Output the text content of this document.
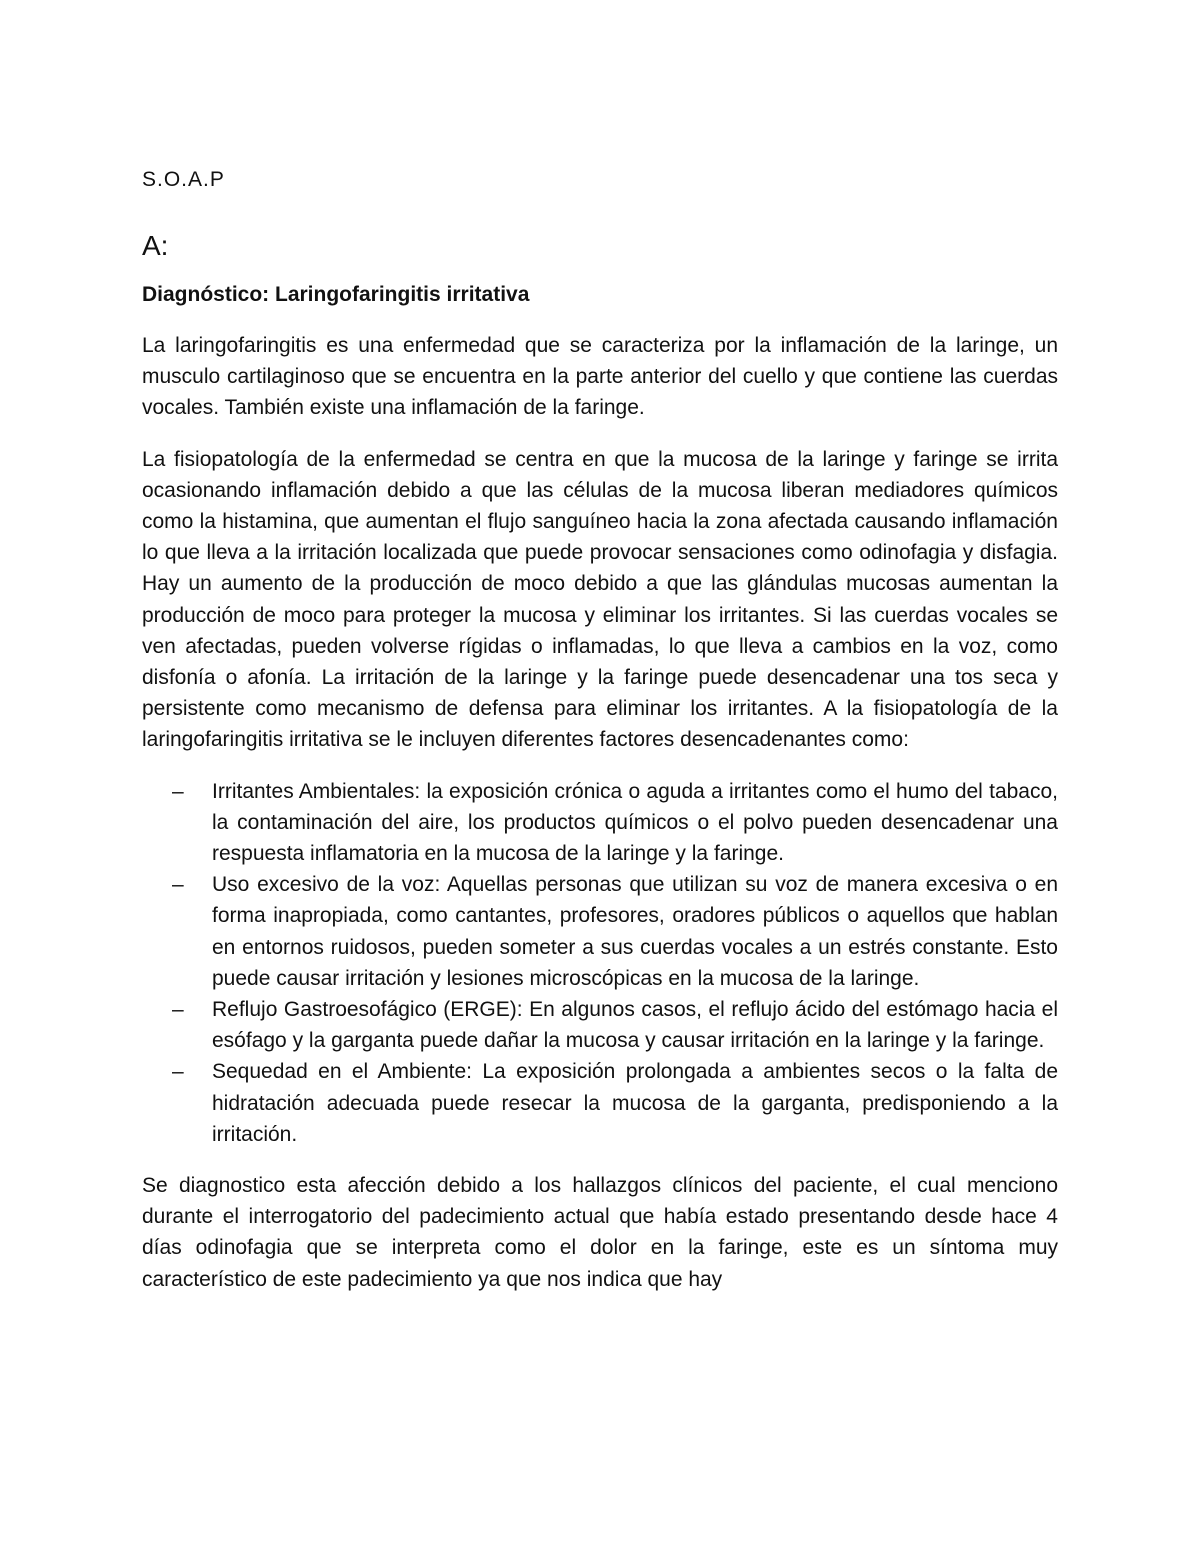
S.O.A.P
A:
Diagnóstico: Laringofaringitis irritativa

La laringofaringitis es una enfermedad que se caracteriza por la inflamación de la laringe, un musculo cartilaginoso que se encuentra en la parte anterior del cuello y que contiene las cuerdas vocales. También existe una inflamación de la faringe.

La fisiopatología de la enfermedad se centra en que la mucosa de la laringe y faringe se irrita ocasionando inflamación debido a que las células de la mucosa liberan mediadores químicos como la histamina, que aumentan el flujo sanguíneo hacia la zona afectada causando inflamación lo que lleva a la irritación localizada que puede provocar sensaciones como odinofagia y disfagia. Hay un aumento de la producción de moco debido a que las glándulas mucosas aumentan la producción de moco para proteger la mucosa y eliminar los irritantes. Si las cuerdas vocales se ven afectadas, pueden volverse rígidas o inflamadas, lo que lleva a cambios en la voz, como disfonía o afonía. La irritación de la laringe y la faringe puede desencadenar una tos seca y persistente como mecanismo de defensa para eliminar los irritantes. A la fisiopatología de la laringofaringitis irritativa se le incluyen diferentes factores desencadenantes como:

– Irritantes Ambientales: la exposición crónica o aguda a irritantes como el humo del tabaco, la contaminación del aire, los productos químicos o el polvo pueden desencadenar una respuesta inflamatoria en la mucosa de la laringe y la faringe.
– Uso excesivo de la voz: Aquellas personas que utilizan su voz de manera excesiva o en forma inapropiada, como cantantes, profesores, oradores públicos o aquellos que hablan en entornos ruidosos, pueden someter a sus cuerdas vocales a un estrés constante. Esto puede causar irritación y lesiones microscópicas en la mucosa de la laringe.
– Reflujo Gastroesofágico (ERGE): En algunos casos, el reflujo ácido del estómago hacia el esófago y la garganta puede dañar la mucosa y causar irritación en la laringe y la faringe.
– Sequedad en el Ambiente: La exposición prolongada a ambientes secos o la falta de hidratación adecuada puede resecar la mucosa de la garganta, predisponiendo a la irritación.

Se diagnostico esta afección debido a los hallazgos clínicos del paciente, el cual menciono durante el interrogatorio del padecimiento actual que había estado presentando desde hace 4 días odinofagia que se interpreta como el dolor en la faringe, este es un síntoma muy característico de este padecimiento ya que nos indica que hay
